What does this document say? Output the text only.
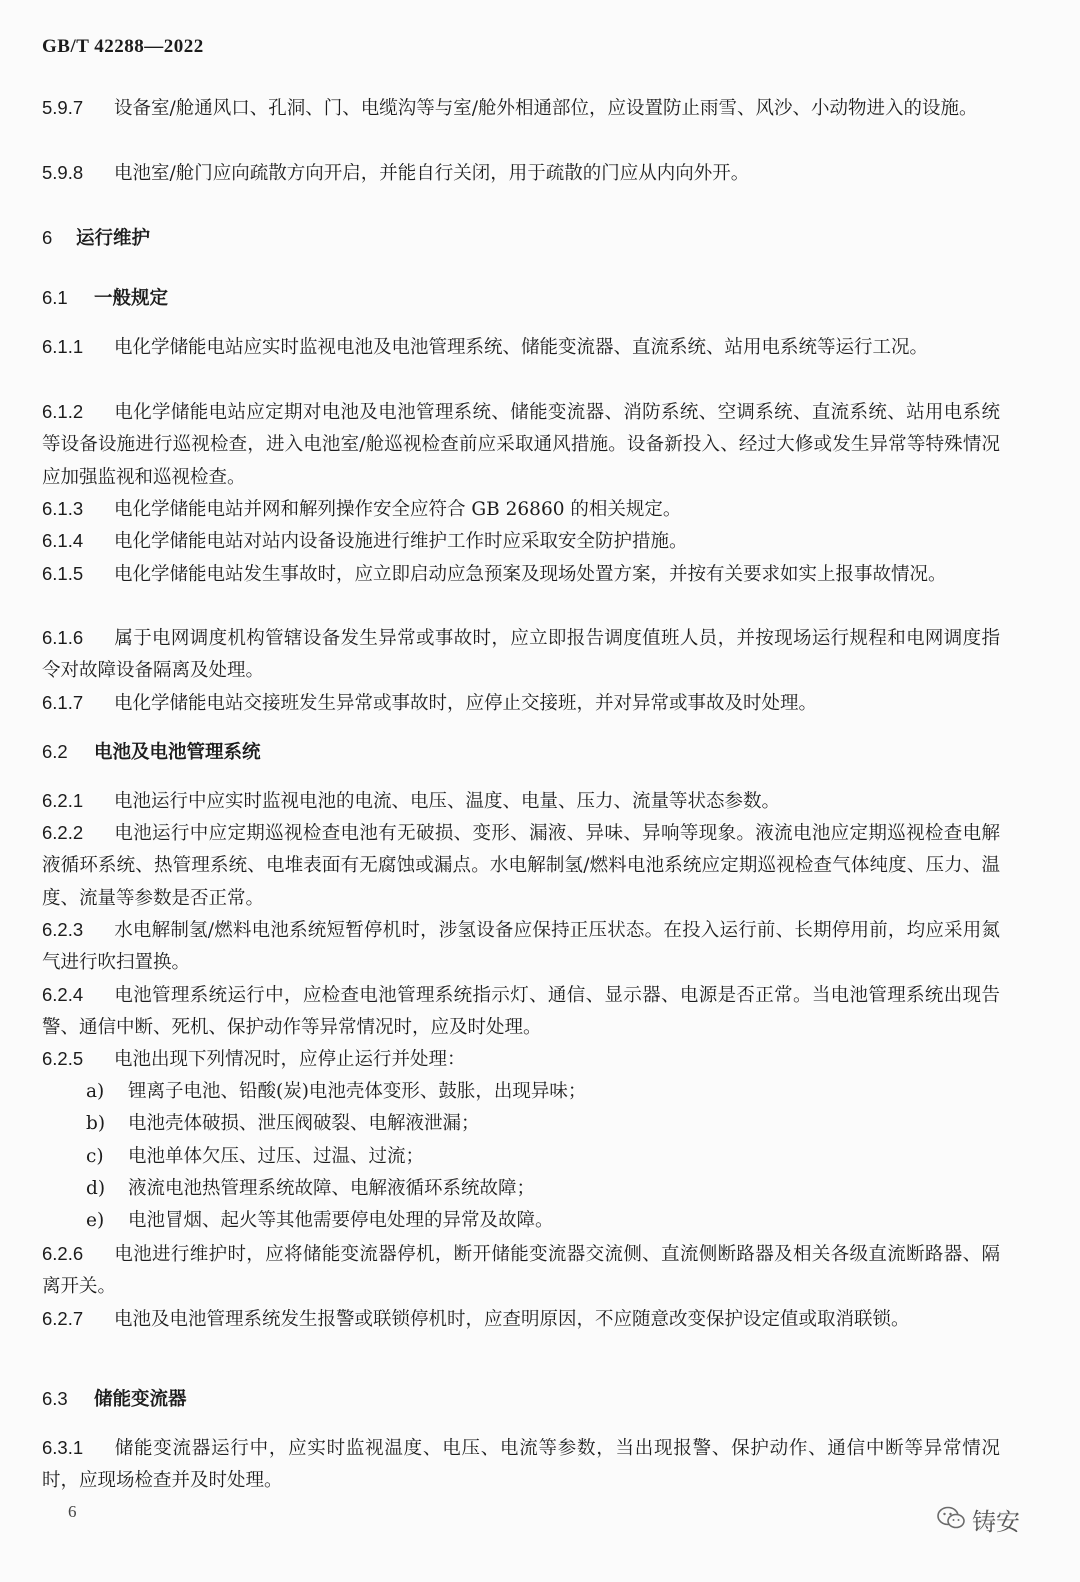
GB/T 42288—2022
5.9.7 设备室/舱通风口、孔洞、门、电缆沟等与室/舱外相通部位，应设置防止雨雪、风沙、小动物进入的设施。
5.9.8 电池室/舱门应向疏散方向开启，并能自行关闭，用于疏散的门应从内向外开。
6 运行维护
6.1 一般规定
6.1.1 电化学储能电站应实时监视电池及电池管理系统、储能变流器、直流系统、站用电系统等运行工况。
6.1.2 电化学储能电站应定期对电池及电池管理系统、储能变流器、消防系统、空调系统、直流系统、站用电系统等设备设施进行巡视检查，进入电池室/舱巡视检查前应采取通风措施。设备新投入、经过大修或发生异常等特殊情况应加强监视和巡视检查。
6.1.3 电化学储能电站并网和解列操作安全应符合 GB 26860 的相关规定。
6.1.4 电化学储能电站对站内设备设施进行维护工作时应采取安全防护措施。
6.1.5 电化学储能电站发生事故时，应立即启动应急预案及现场处置方案，并按有关要求如实上报事故情况。
6.1.6 属于电网调度机构管辖设备发生异常或事故时，应立即报告调度值班人员，并按现场运行规程和电网调度指令对故障设备隔离及处理。
6.1.7 电化学储能电站交接班发生异常或事故时，应停止交接班，并对异常或事故及时处理。
6.2 电池及电池管理系统
6.2.1 电池运行中应实时监视电池的电流、电压、温度、电量、压力、流量等状态参数。
6.2.2 电池运行中应定期巡视检查电池有无破损、变形、漏液、异味、异响等现象。液流电池应定期巡视检查电解液循环系统、热管理系统、电堆表面有无腐蚀或漏点。水电解制氢/燃料电池系统应定期巡视检查气体纯度、压力、温度、流量等参数是否正常。
6.2.3 水电解制氢/燃料电池系统短暂停机时，涉氢设备应保持正压状态。在投入运行前、长期停用前，均应采用氮气进行吹扫置换。
6.2.4 电池管理系统运行中，应检查电池管理系统指示灯、通信、显示器、电源是否正常。当电池管理系统出现告警、通信中断、死机、保护动作等异常情况时，应及时处理。
6.2.5 电池出现下列情况时，应停止运行并处理：
a) 锂离子电池、铅酸(炭)电池壳体变形、鼓胀，出现异味；
b) 电池壳体破损、泄压阀破裂、电解液泄漏；
c) 电池单体欠压、过压、过温、过流；
d) 液流电池热管理系统故障、电解液循环系统故障；
e) 电池冒烟、起火等其他需要停电处理的异常及故障。
6.2.6 电池进行维护时，应将储能变流器停机，断开储能变流器交流侧、直流侧断路器及相关各级直流断路器、隔离开关。
6.2.7 电池及电池管理系统发生报警或联锁停机时，应查明原因，不应随意改变保护设定值或取消联锁。
6.3 储能变流器
6.3.1 储能变流器运行中，应实时监视温度、电压、电流等参数，当出现报警、保护动作、通信中断等异常情况时，应现场检查并及时处理。
6	铸安
